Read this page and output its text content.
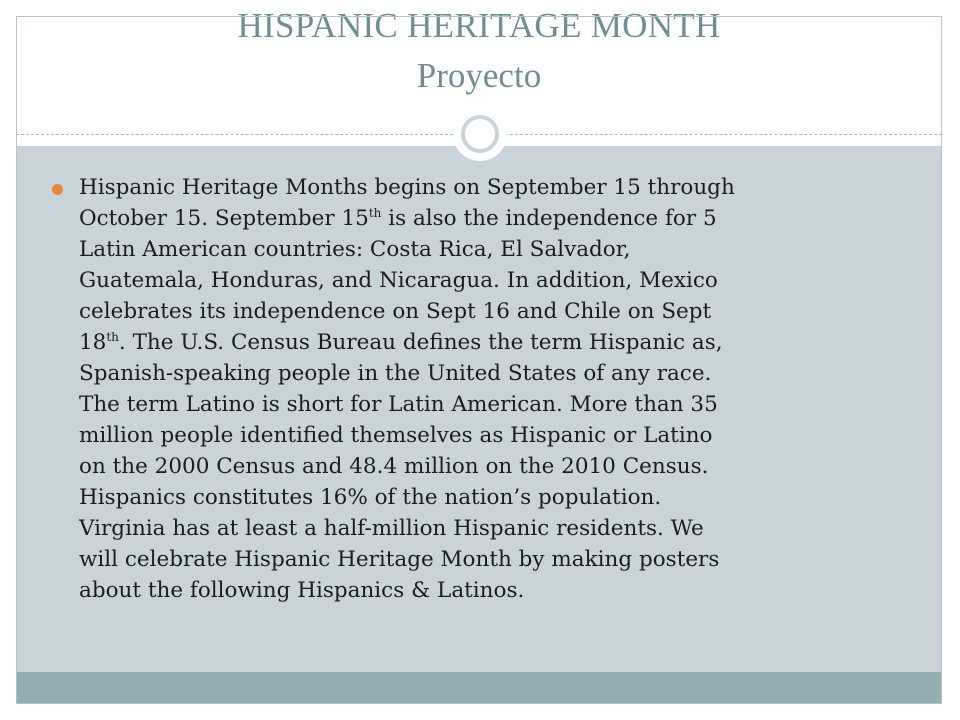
HISPANIC HERITAGE MONTH
Proyecto

Hispanic Heritage Months begins on September 15 through
October 15. September 15th is also the independence for 5
Latin American countries: Costa Rica, El Salvador,
Guatemala, Honduras, and Nicaragua. In addition, Mexico
celebrates its independence on Sept 16 and Chile on Sept
18th. The U.S. Census Bureau defines the term Hispanic as,
Spanish-speaking people in the United States of any race.
The term Latino is short for Latin American. More than 35
million people identified themselves as Hispanic or Latino
on the 2000 Census and 48.4 million on the 2010 Census.
Hispanics constitutes 16% of the nation’s population.
Virginia has at least a half-million Hispanic residents. We
will celebrate Hispanic Heritage Month by making posters
about the following Hispanics & Latinos.
